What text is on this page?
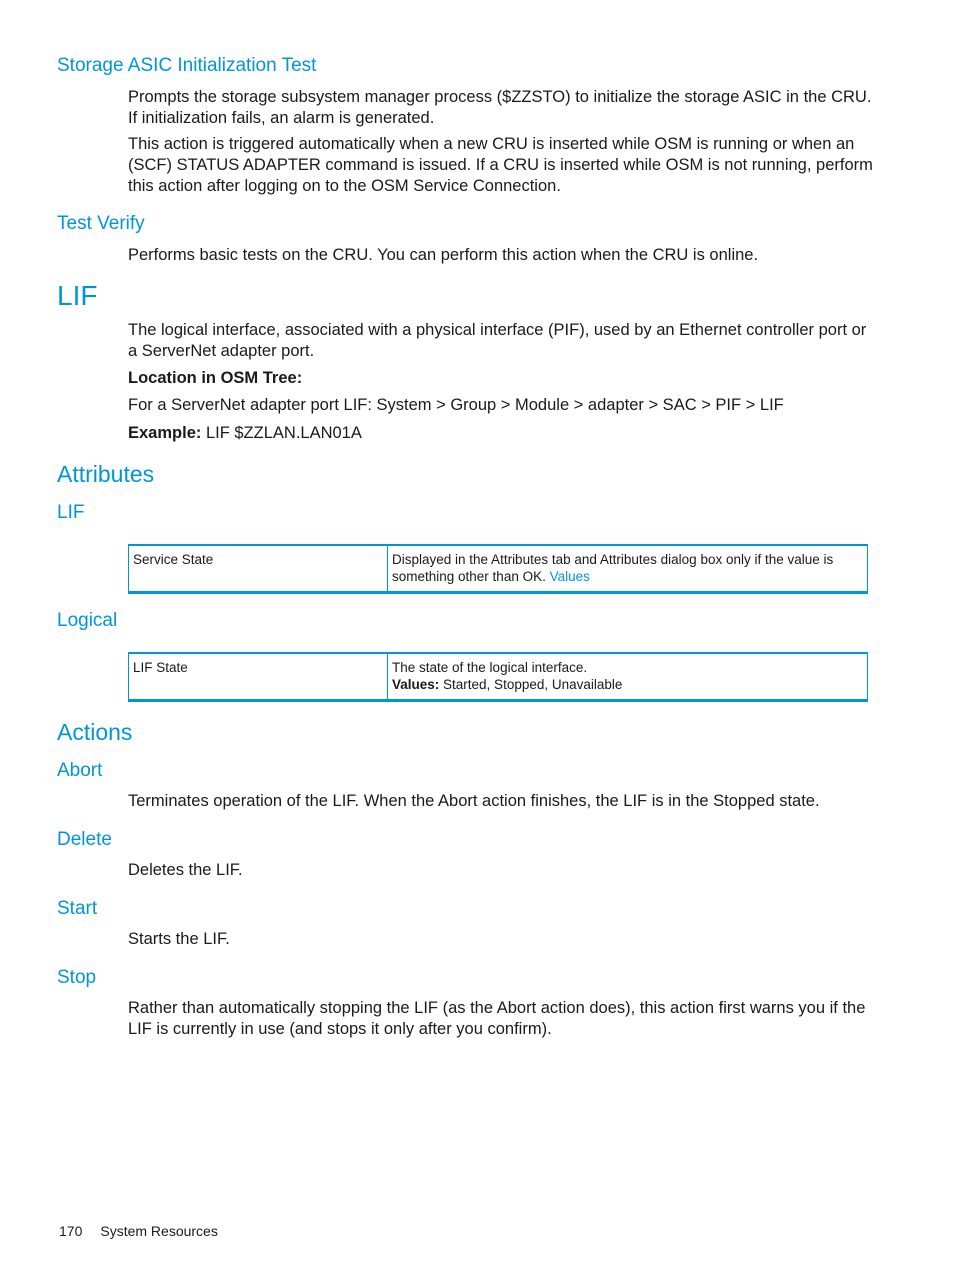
Storage ASIC Initialization Test
Prompts the storage subsystem manager process ($ZZSTO) to initialize the storage ASIC in the CRU. If initialization fails, an alarm is generated.
This action is triggered automatically when a new CRU is inserted while OSM is running or when an (SCF) STATUS ADAPTER command is issued. If a CRU is inserted while OSM is not running, perform this action after logging on to the OSM Service Connection.
Test Verify
Performs basic tests on the CRU. You can perform this action when the CRU is online.
LIF
The logical interface, associated with a physical interface (PIF), used by an Ethernet controller port or a ServerNet adapter port.
Location in OSM Tree:
For a ServerNet adapter port LIF: System > Group > Module > adapter > SAC > PIF > LIF
Example: LIF $ZZLAN.LAN01A
Attributes
LIF
Service State	Displayed in the Attributes tab and Attributes dialog box only if the value is something other than OK. Values
Logical
LIF State	The state of the logical interface.
Values: Started, Stopped, Unavailable
Actions
Abort
Terminates operation of the LIF. When the Abort action finishes, the LIF is in the Stopped state.
Delete
Deletes the LIF.
Start
Starts the LIF.
Stop
Rather than automatically stopping the LIF (as the Abort action does), this action first warns you if the LIF is currently in use (and stops it only after you confirm).
170 System Resources
